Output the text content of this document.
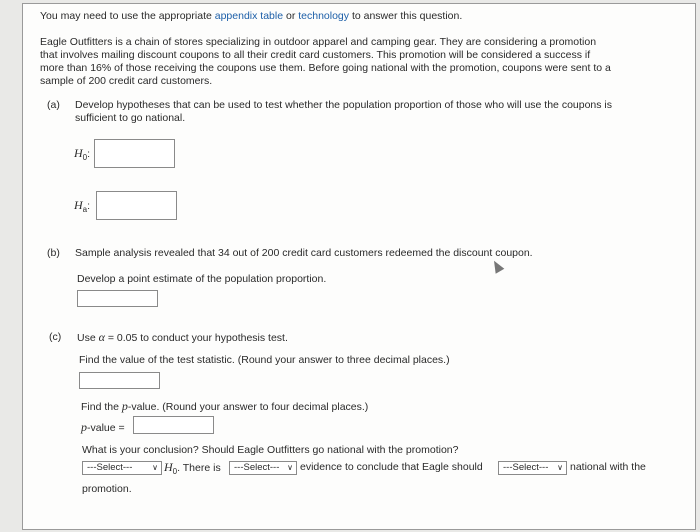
You may need to use the appropriate appendix table or technology to answer this question.
Eagle Outfitters is a chain of stores specializing in outdoor apparel and camping gear. They are considering a promotion
that involves mailing discount coupons to all their credit card customers. This promotion will be considered a success if
more than 16% of those receiving the coupons use them. Before going national with the promotion, coupons were sent to a
sample of 200 credit card customers.
(a) Develop hypotheses that can be used to test whether the population proportion of those who will use the coupons is
sufficient to go national.
$H_0$:
$H_a$:
(b) Sample analysis revealed that 34 out of 200 credit card customers redeemed the discount coupon.
Develop a point estimate of the population proportion.
(c) Use α = 0.05 to conduct your hypothesis test.
Find the value of the test statistic. (Round your answer to three decimal places.)
Find the p-value. (Round your answer to four decimal places.)
p-value =
What is your conclusion? Should Eagle Outfitters go national with the promotion?
---Select--- ∨ $H_0$. There is	---Select--- ∨ evidence to conclude that Eagle should	---Select--- ∨ national with the
promotion.
